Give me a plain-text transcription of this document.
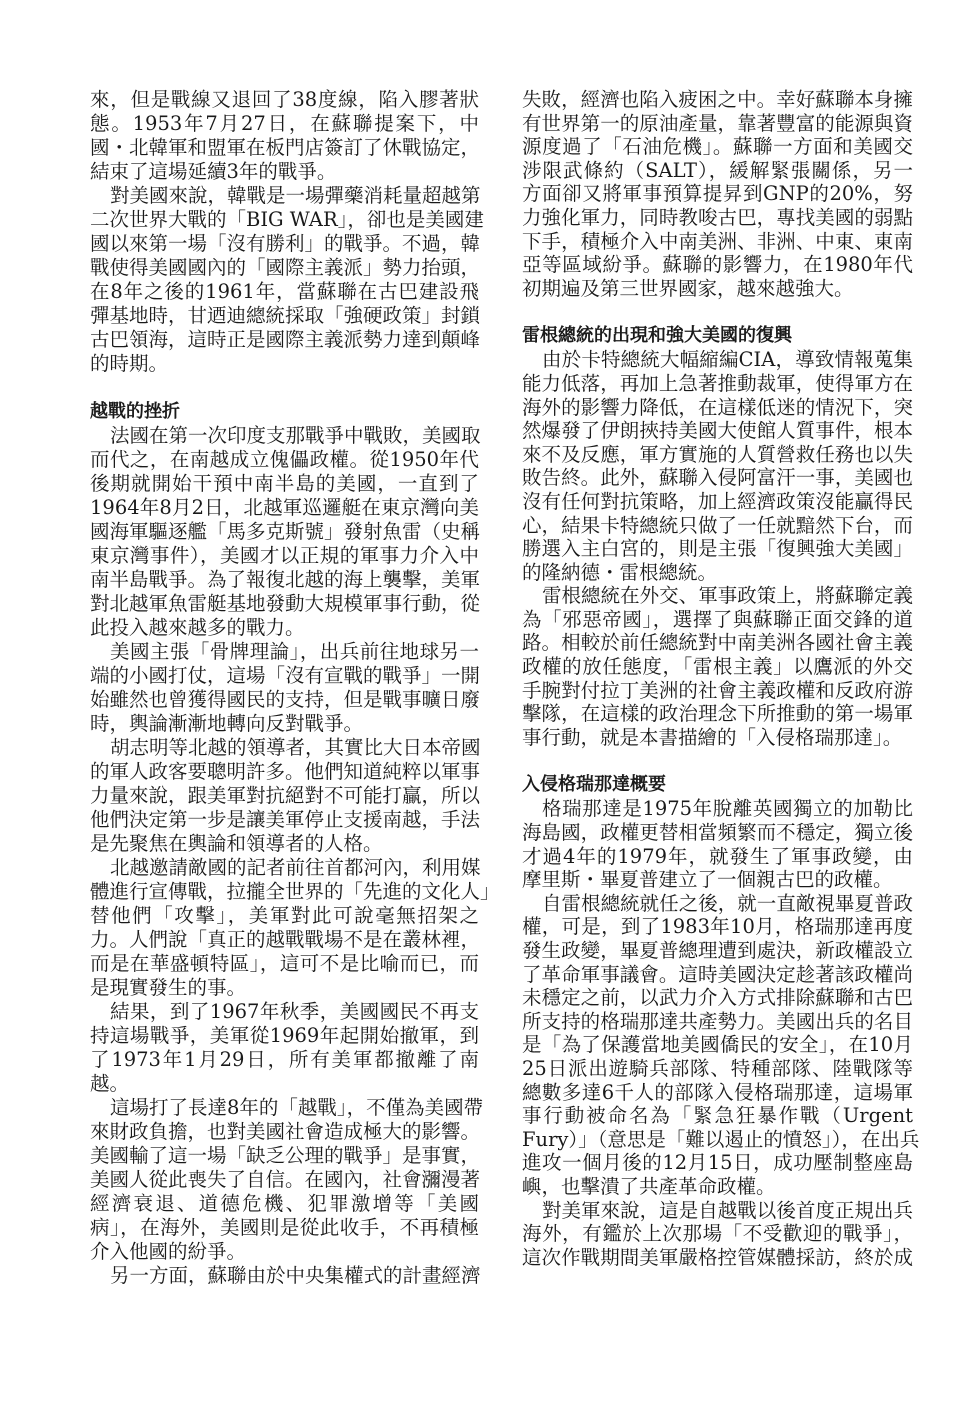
來，但是戰線又退回了38度線，陷入膠著狀
態。1953年7月27日，在蘇聯提案下，中
國・北韓軍和盟軍在板門店簽訂了休戰協定，
結束了這場延續3年的戰爭。
對美國來說，韓戰是一場彈藥消耗量超越第
二次世界大戰的「BIG WAR」，卻也是美國建
國以來第一場「沒有勝利」的戰爭。不過，韓
戰使得美國國內的「國際主義派」勢力抬頭，
在8年之後的1961年，當蘇聯在古巴建設飛
彈基地時，甘迺迪總統採取「強硬政策」封鎖
古巴領海，這時正是國際主義派勢力達到顛峰
的時期。
越戰的挫折
法國在第一次印度支那戰爭中戰敗，美國取
而代之，在南越成立傀儡政權。從1950年代
後期就開始干預中南半島的美國，一直到了
1964年8月2日，北越軍巡邏艇在東京灣向美
國海軍驅逐艦「馬多克斯號」發射魚雷（史稱
東京灣事件），美國才以正規的軍事力介入中
南半島戰爭。為了報復北越的海上襲擊，美軍
對北越軍魚雷艇基地發動大規模軍事行動，從
此投入越來越多的戰力。
美國主張「骨牌理論」，出兵前往地球另一
端的小國打仗，這場「沒有宣戰的戰爭」一開
始雖然也曾獲得國民的支持，但是戰事曠日廢
時，輿論漸漸地轉向反對戰爭。
胡志明等北越的領導者，其實比大日本帝國
的軍人政客要聰明許多。他們知道純粹以軍事
力量來說，跟美軍對抗絕對不可能打贏，所以
他們決定第一步是讓美軍停止支援南越，手法
是先聚焦在輿論和領導者的人格。
北越邀請敵國的記者前往首都河內，利用媒
體進行宣傳戰，拉攏全世界的「先進的文化人」
替他們「攻擊」，美軍對此可說毫無招架之
力。人們說「真正的越戰戰場不是在叢林裡，
而是在華盛頓特區」，這可不是比喻而已，而
是現實發生的事。
結果，到了1967年秋季，美國國民不再支
持這場戰爭，美軍從1969年起開始撤軍，到
了1973年1月29日，所有美軍都撤離了南
越。
這場打了長達8年的「越戰」，不僅為美國帶
來財政負擔，也對美國社會造成極大的影響。
美國輸了這一場「缺乏公理的戰爭」是事實，
美國人從此喪失了自信。在國內，社會瀰漫著
經濟衰退、道德危機、犯罪激增等「美國
病」，在海外，美國則是從此收手，不再積極
介入他國的紛爭。
另一方面，蘇聯由於中央集權式的計畫經濟
失敗，經濟也陷入疲困之中。幸好蘇聯本身擁
有世界第一的原油產量，靠著豐富的能源與資
源度過了「石油危機」。蘇聯一方面和美國交
涉限武條約（SALT），緩解緊張關係，另一
方面卻又將軍事預算提昇到GNP的20%，努
力強化軍力，同時教唆古巴，專找美國的弱點
下手，積極介入中南美洲、非洲、中東、東南
亞等區域紛爭。蘇聯的影響力，在1980年代
初期遍及第三世界國家，越來越強大。
雷根總統的出現和強大美國的復興
由於卡特總統大幅縮編CIA，導致情報蒐集
能力低落，再加上急著推動裁軍，使得軍方在
海外的影響力降低，在這樣低迷的情況下，突
然爆發了伊朗挾持美國大使館人質事件，根本
來不及反應，軍方實施的人質營救任務也以失
敗告終。此外，蘇聯入侵阿富汗一事，美國也
沒有任何對抗策略，加上經濟政策沒能贏得民
心，結果卡特總統只做了一任就黯然下台，而
勝選入主白宮的，則是主張「復興強大美國」
的隆納德・雷根總統。
雷根總統在外交、軍事政策上，將蘇聯定義
為「邪惡帝國」，選擇了與蘇聯正面交鋒的道
路。相較於前任總統對中南美洲各國社會主義
政權的放任態度，「雷根主義」以鷹派的外交
手腕對付拉丁美洲的社會主義政權和反政府游
擊隊，在這樣的政治理念下所推動的第一場軍
事行動，就是本書描繪的「入侵格瑞那達」。
入侵格瑞那達概要
格瑞那達是1975年脫離英國獨立的加勒比
海島國，政權更替相當頻繁而不穩定，獨立後
才過4年的1979年，就發生了軍事政變，由
摩里斯・畢夏普建立了一個親古巴的政權。
自雷根總統就任之後，就一直敵視畢夏普政
權，可是，到了1983年10月，格瑞那達再度
發生政變，畢夏普總理遭到處決，新政權設立
了革命軍事議會。這時美國決定趁著該政權尚
未穩定之前，以武力介入方式排除蘇聯和古巴
所支持的格瑞那達共產勢力。美國出兵的名目
是「為了保護當地美國僑民的安全」，在10月
25日派出遊騎兵部隊、特種部隊、陸戰隊等
總數多達6千人的部隊入侵格瑞那達，這場軍
事行動被命名為「緊急狂暴作戰（Urgent
Fury）」（意思是「難以遏止的憤怒」），在出兵
進攻一個月後的12月15日，成功壓制整座島
嶼，也擊潰了共產革命政權。
對美軍來說，這是自越戰以後首度正規出兵
海外，有鑑於上次那場「不受歡迎的戰爭」，
這次作戰期間美軍嚴格控管媒體採訪，終於成
